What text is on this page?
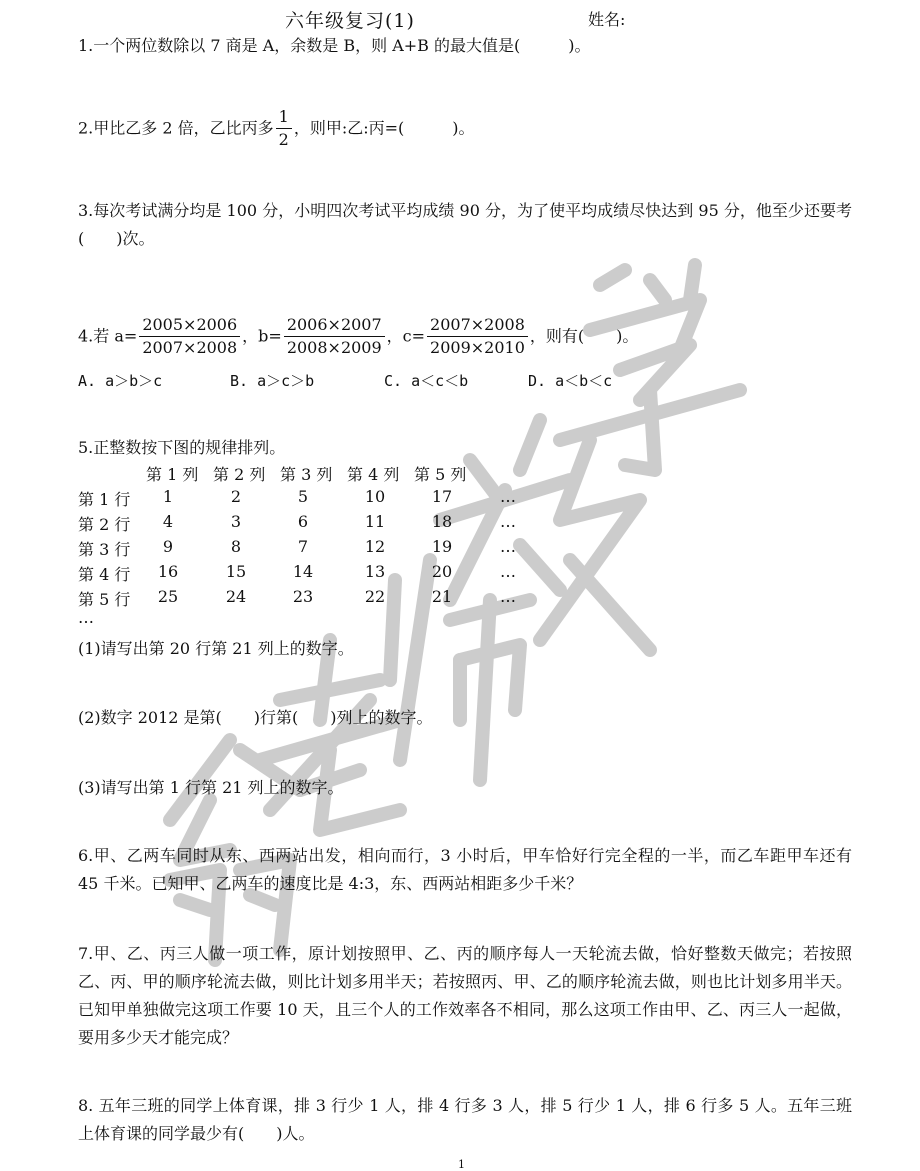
六年级复习(1)	姓名:
1.一个两位数除以 7 商是 A，余数是 B，则 A+B 的最大值是(　　　)。
2.甲比乙多 2 倍，乙比丙多 $\frac{1}{2}$ ，则甲:乙:丙=(　　　)。
3.每次考试满分均是 100 分，小明四次考试平均成绩 90 分，为了使平均成绩尽快达到 95 分，他至少还要考(　　)次。
4.若 $a= \frac{2005\times 2006}{2007\times 2008}$ ，$b= \frac{2006\times 2007}{2008\times 2009}$ ，$c= \frac{2007\times 2008}{2009\times 2010}$ ，则有(　　)。
A. a＞b＞c	B. a＞c＞b	C. a＜c＜b	D. a＜b＜c
5.正整数按下图的规律排列。
第 1 列 第 2 列 第 3 列 第 4 列 第 5 列
第 1 行	1	2	5	10	17	…
第 2 行	4	3	6	11	18	…
第 3 行	9	8	7	12	19	…
第 4 行	16	15	14	13	20	…
第 5 行	25	24	23	22	21	…
…
(1)请写出第 20 行第 21 列上的数字。
(2)数字 2012 是第(　　)行第(　　)列上的数字。
(3)请写出第 1 行第 21 列上的数字。
6.甲、乙两车同时从东、西两站出发，相向而行，3 小时后，甲车恰好行完全程的一半，而乙车距甲车还有 45 千米。已知甲、乙两车的速度比是 4:3，东、西两站相距多少千米？
7.甲、乙、丙三人做一项工作，原计划按照甲、乙、丙的顺序每人一天轮流去做，恰好整数天做完；若按照乙、丙、甲的顺序轮流去做，则比计划多用半天；若按照丙、甲、乙的顺序轮流去做，则也比计划多用半天。已知甲单独做完这项工作要 10 天，且三个人的工作效率各不相同，那么这项工作由甲、乙、丙三人一起做，要用多少天才能完成？
8. 五年三班的同学上体育课，排 3 行少 1 人，排 4 行多 3 人，排 5 行少 1 人，排 6 行多 5 人。五年三班上体育课的同学最少有(　　)人。
1
